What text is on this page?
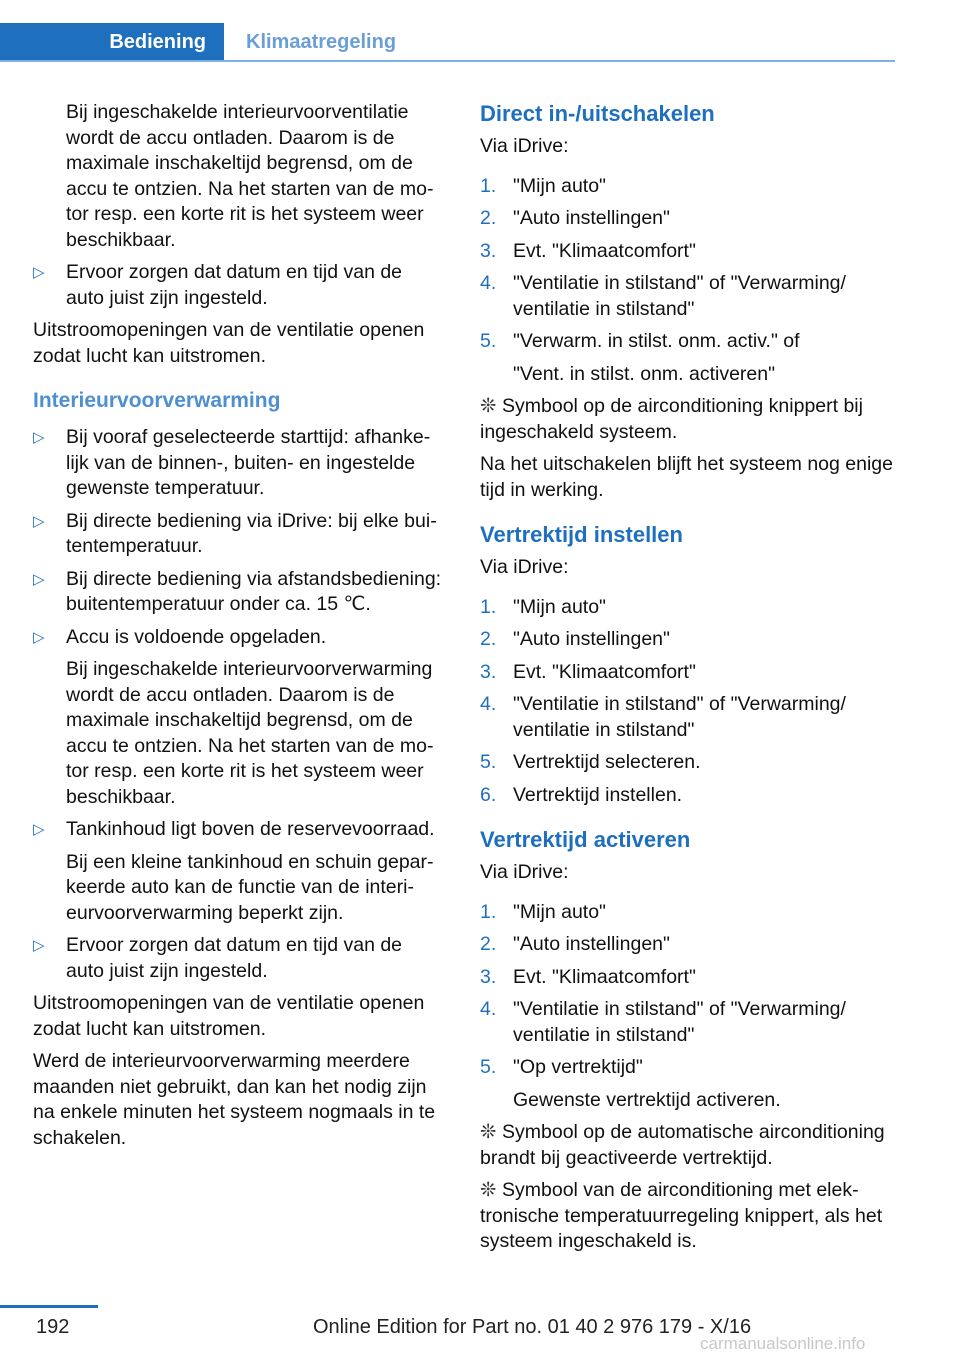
Bediening	Klimaatregeling

Bij ingeschakelde interieurvoorventilatie wordt de accu ontladen. Daarom is de maximale inschakeltijd begrensd, om de accu te ontzien. Na het starten van de motor resp. een korte rit is het systeem weer beschikbaar.

▷ Ervoor zorgen dat datum en tijd van de auto juist zijn ingesteld.

Uitstroomopeningen van de ventilatie openen zodat lucht kan uitstromen.

Interieurvoorverwarming
▷ Bij vooraf geselecteerde starttijd: afhankelijk van de binnen-, buiten- en ingestelde gewenste temperatuur.
▷ Bij directe bediening via iDrive: bij elke buitentemperatuur.
▷ Bij directe bediening via afstandsbediening: buitentemperatuur onder ca. 15 ℃.
▷ Accu is voldoende opgeladen.

Bij ingeschakelde interieurvoorverwarming wordt de accu ontladen. Daarom is de maximale inschakeltijd begrensd, om de accu te ontzien. Na het starten van de motor resp. een korte rit is het systeem weer beschikbaar.

▷ Tankinhoud ligt boven de reservevoorraad.

Bij een kleine tankinhoud en schuin geparkeerde auto kan de functie van de interieurvoorverwarming beperkt zijn.

▷ Ervoor zorgen dat datum en tijd van de auto juist zijn ingesteld.

Uitstroomopeningen van de ventilatie openen zodat lucht kan uitstromen.

Werd de interieurvoorverwarming meerdere maanden niet gebruikt, dan kan het nodig zijn na enkele minuten het systeem nogmaals in te schakelen.

Direct in-/uitschakelen

Via iDrive:

1. "Mijn auto"
2. "Auto instellingen"
3. Evt. "Klimaatcomfort"
4. "Ventilatie in stilstand" of "Verwarming/ ventilatie in stilstand"
5. "Verwarm. in stilst. onm. activ." of

"Vent. in stilst. onm. activeren"

❊ Symbool op de airconditioning knippert bij ingeschakeld systeem.

Na het uitschakelen blijft het systeem nog enige tijd in werking.

Vertrektijd instellen

Via iDrive:

1. "Mijn auto"
2. "Auto instellingen"
3. Evt. "Klimaatcomfort"
4. "Ventilatie in stilstand" of "Verwarming/ ventilatie in stilstand"
5. Vertrektijd selecteren.
6. Vertrektijd instellen.
Vertrektijd activeren

Via iDrive:

1. "Mijn auto"
2. "Auto instellingen"
3. Evt. "Klimaatcomfort"
4. "Ventilatie in stilstand" of "Verwarming/ ventilatie in stilstand"
5. "Op vertrektijd"

Gewenste vertrektijd activeren.

❊ Symbool op de automatische airconditioning brandt bij geactiveerde vertrektijd.

❊ Symbool van de airconditioning met elektronische temperatuurregeling knippert, als het systeem ingeschakeld is.

192	Online Edition for Part no. 01 40 2 976 179 - X/16
carmanualsonline.info
